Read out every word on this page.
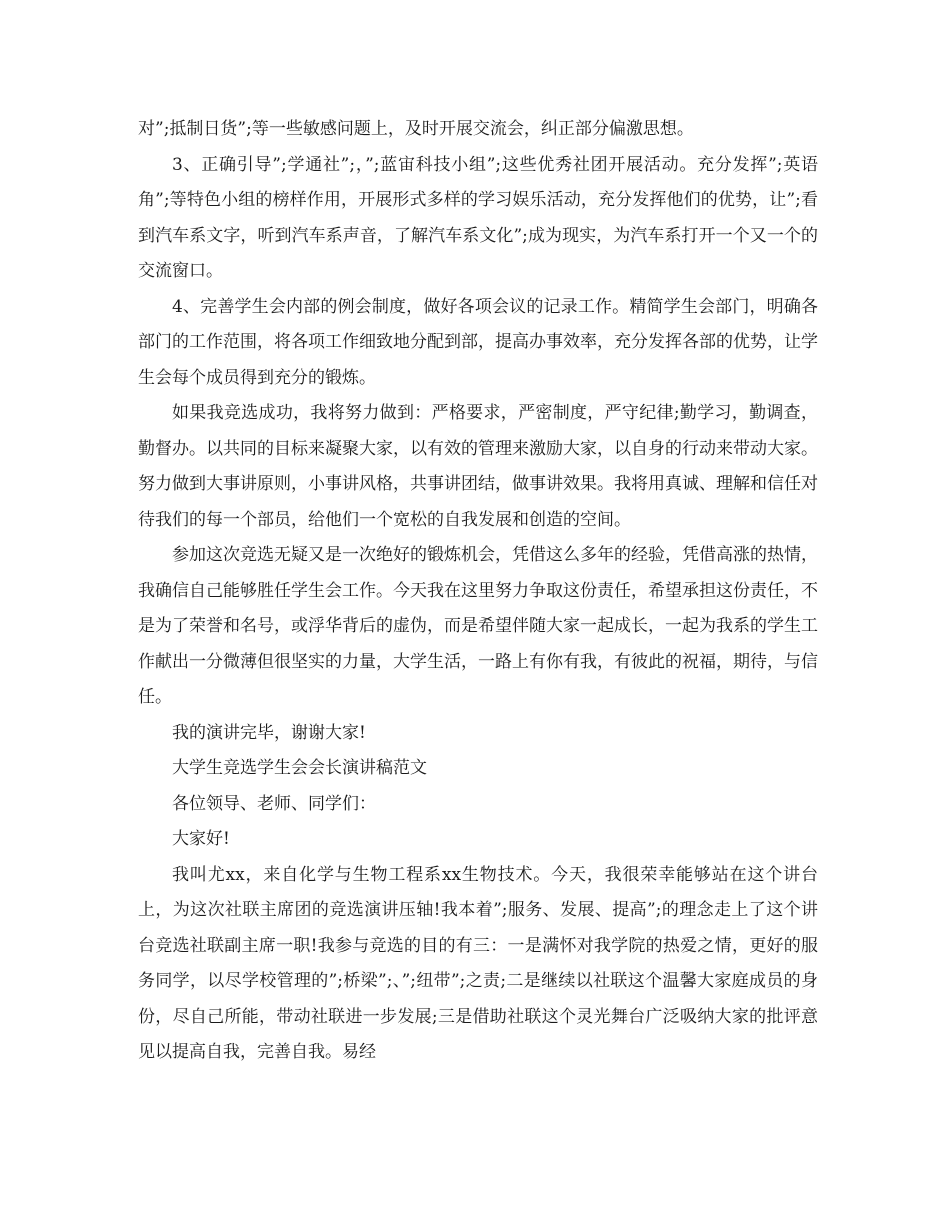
对”;抵制日货”;等一些敏感问题上，及时开展交流会，纠正部分偏激思想。

3、正确引导”;学通社”;，”;蓝宙科技小组”;这些优秀社团开展活动。充分发挥”;英语角”;等特色小组的榜样作用，开展形式多样的学习娱乐活动，充分发挥他们的优势，让”;看到汽车系文字，听到汽车系声音，了解汽车系文化”;成为现实，为汽车系打开一个又一个的交流窗口。

4、完善学生会内部的例会制度，做好各项会议的记录工作。精简学生会部门，明确各部门的工作范围，将各项工作细致地分配到部，提高办事效率，充分发挥各部的优势，让学生会每个成员得到充分的锻炼。

如果我竞选成功，我将努力做到：严格要求，严密制度，严守纪律;勤学习，勤调查，勤督办。以共同的目标来凝聚大家，以有效的管理来激励大家，以自身的行动来带动大家。努力做到大事讲原则，小事讲风格，共事讲团结，做事讲效果。我将用真诚、理解和信任对待我们的每一个部员，给他们一个宽松的自我发展和创造的空间。

参加这次竞选无疑又是一次绝好的锻炼机会，凭借这么多年的经验，凭借高涨的热情，我确信自己能够胜任学生会工作。今天我在这里努力争取这份责任，希望承担这份责任，不是为了荣誉和名号，或浮华背后的虚伪，而是希望伴随大家一起成长，一起为我系的学生工作献出一分微薄但很坚实的力量，大学生活，一路上有你有我，有彼此的祝福，期待，与信任。

我的演讲完毕，谢谢大家!

大学生竞选学生会会长演讲稿范文

各位领导、老师、同学们：

大家好!

我叫尤xx，来自化学与生物工程系xx生物技术。今天，我很荣幸能够站在这个讲台上，为这次社联主席团的竞选演讲压轴!我本着”;服务、发展、提高”;的理念走上了这个讲台竞选社联副主席一职!我参与竞选的目的有三：一是满怀对我学院的热爱之情，更好的服务同学，以尽学校管理的”;桥梁”;、”;纽带”;之责;二是继续以社联这个温馨大家庭成员的身份，尽自己所能，带动社联进一步发展;三是借助社联这个灵光舞台广泛吸纳大家的批评意见以提高自我，完善自我。易经
